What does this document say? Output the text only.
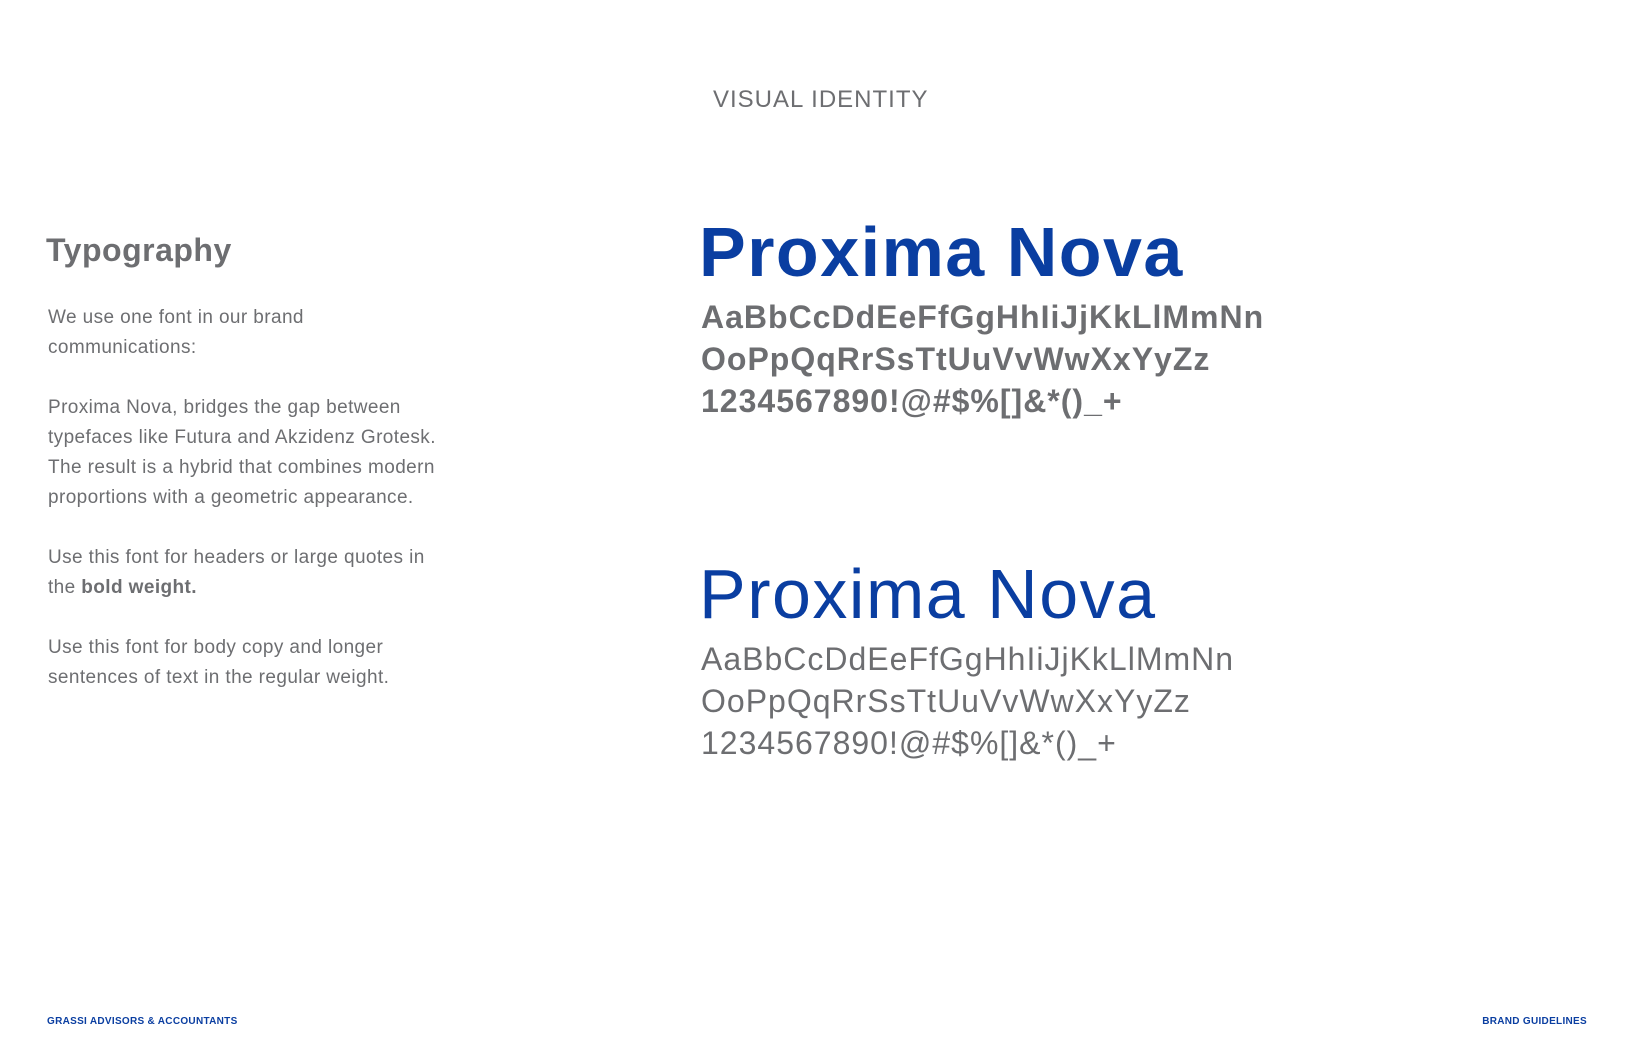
VISUAL IDENTITY
Typography

We use one font in our brand communications:

Proxima Nova, bridges the gap between typefaces like Futura and Akzidenz Grotesk. The result is a hybrid that combines modern proportions with a geometric appearance.

Use this font for headers or large quotes in the bold weight.

Use this font for body copy and longer sentences of text in the regular weight.

Proxima Nova
AaBbCcDdEeFfGgHhIiJjKkLlMmNn
OoPpQqRrSsTtUuVvWwXxYyZz
1234567890!@#$%[]&*()_+
Proxima Nova
AaBbCcDdEeFfGgHhIiJjKkLlMmNn
OoPpQqRrSsTtUuVvWwXxYyZz
1234567890!@#$%[]&*()_+
GRASSI ADVISORS & ACCOUNTANTS	BRAND GUIDELINES
